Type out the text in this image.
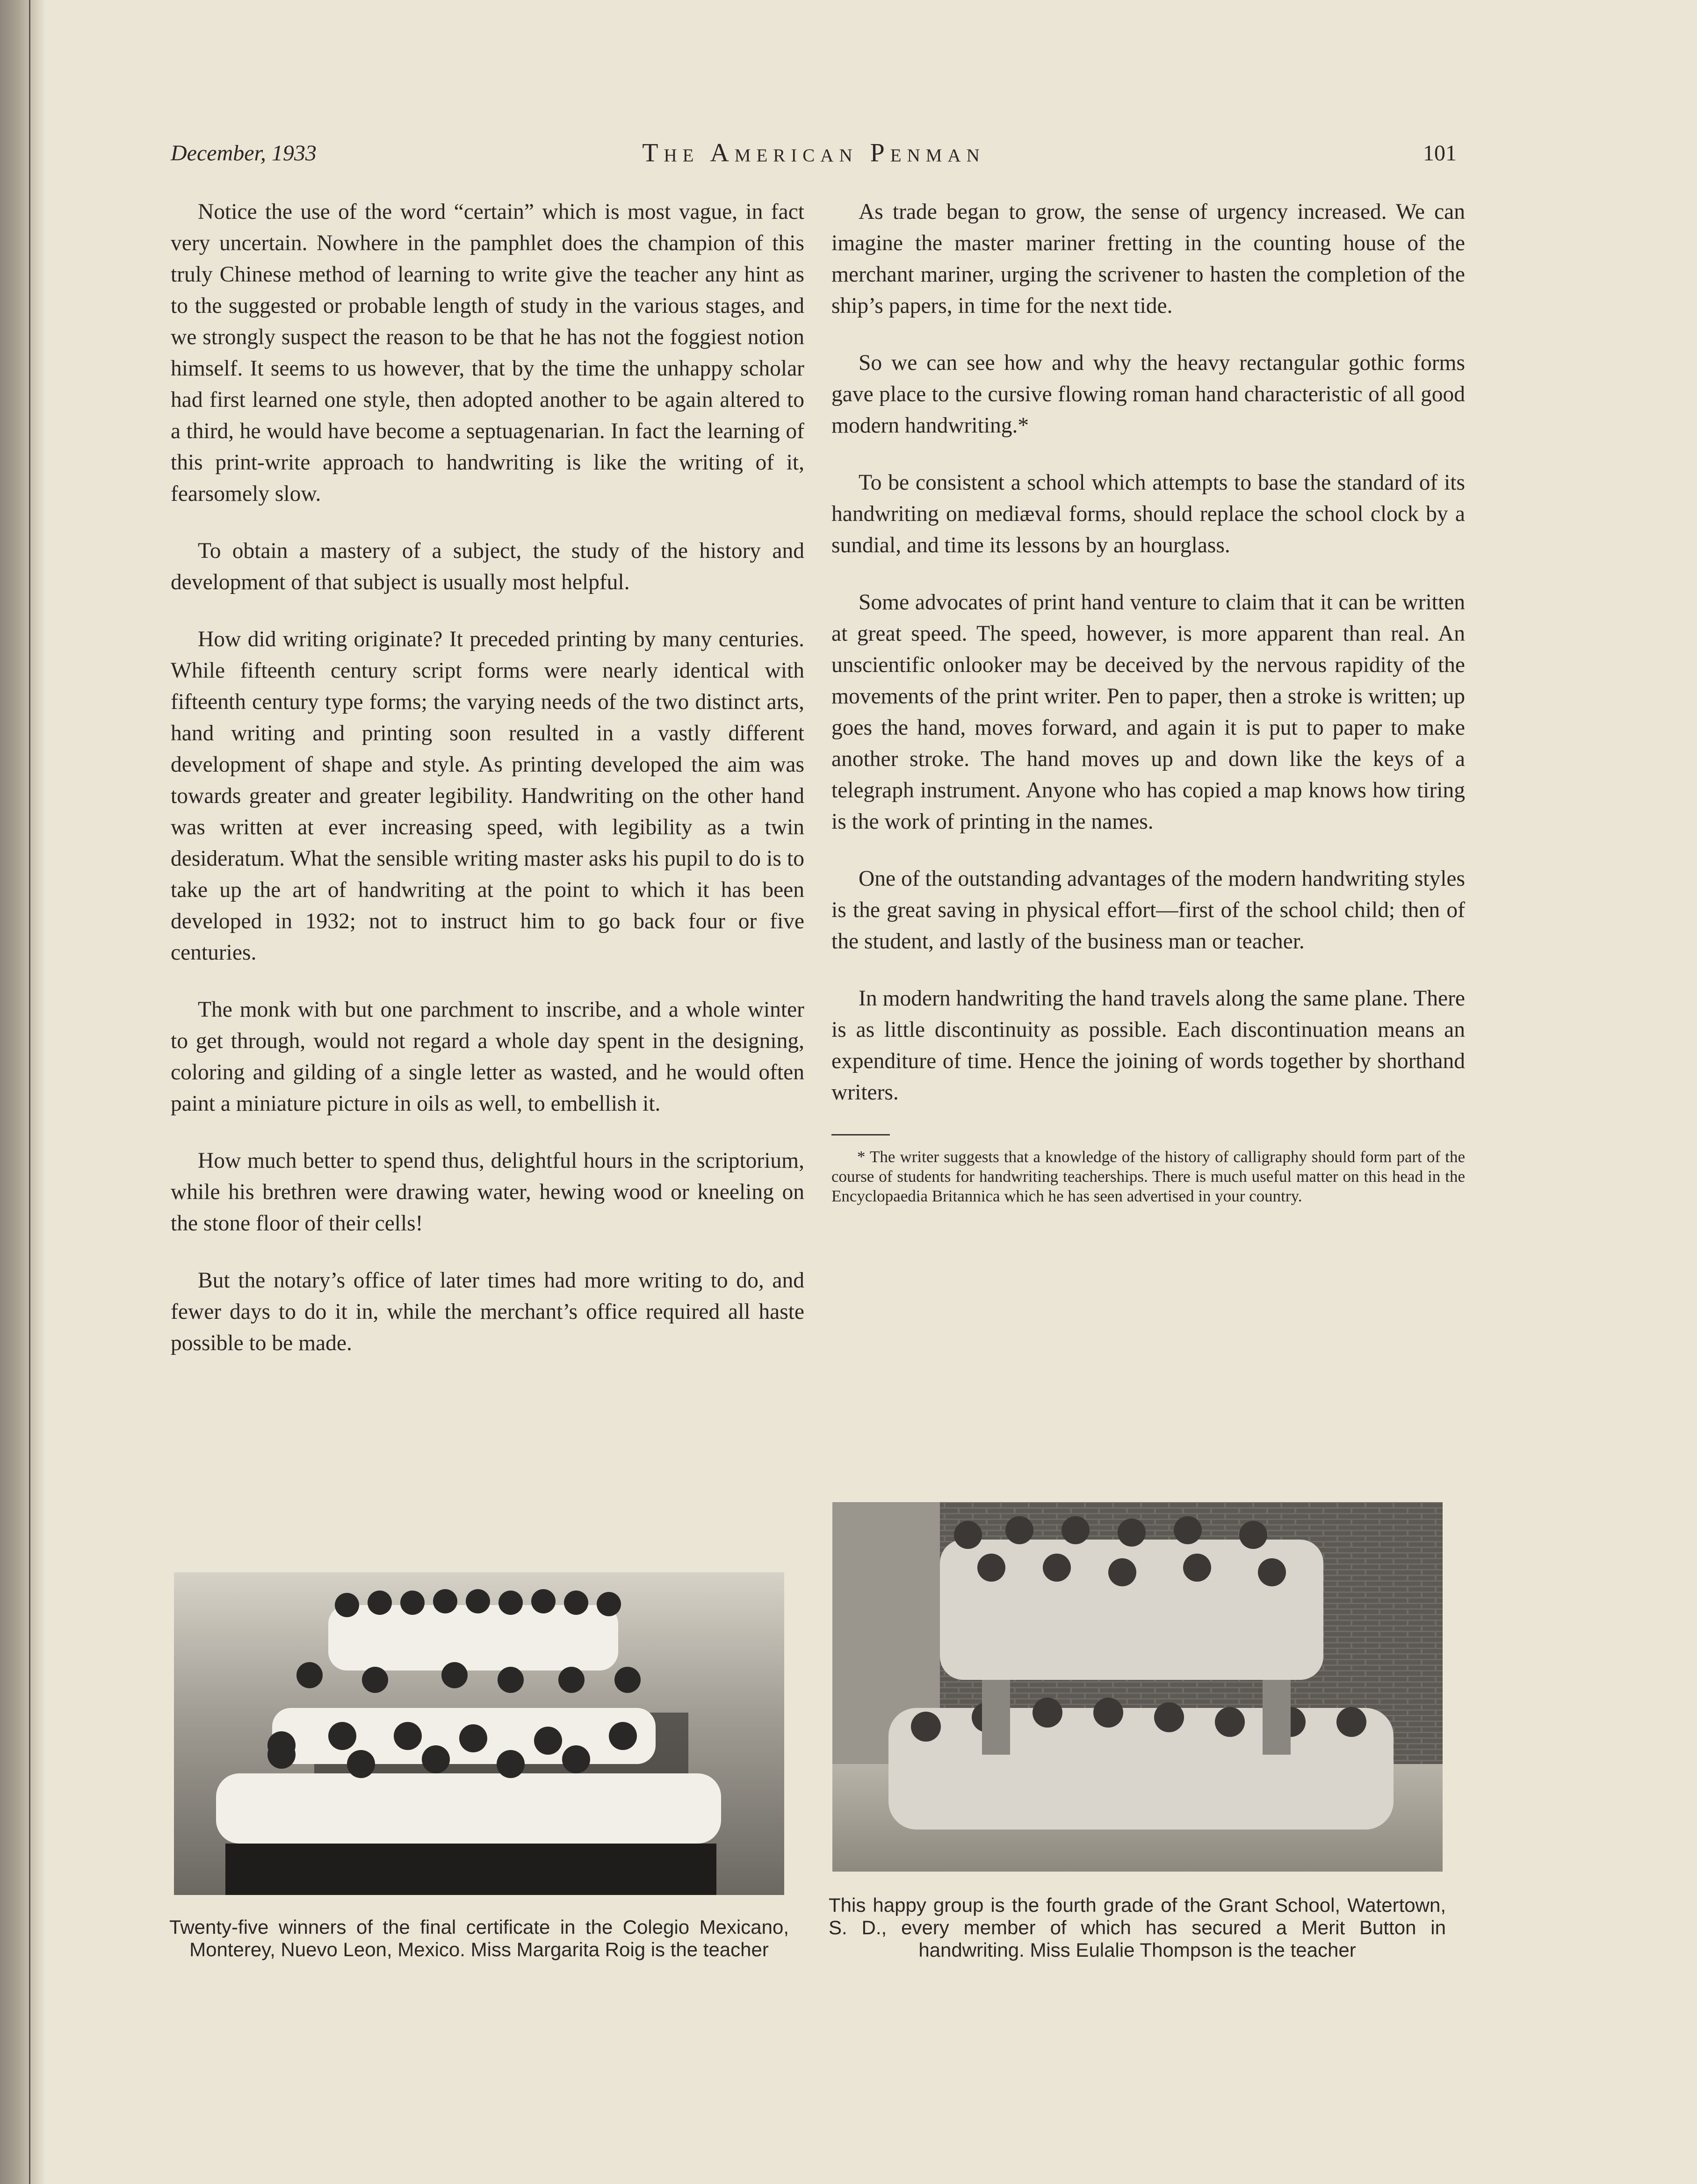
December, 1933	The American Penman	101

Notice the use of the word “certain” which is most vague, in fact very uncertain. Nowhere in the pamphlet does the champion of this truly Chinese method of learning to write give the teacher any hint as to the suggested or probable length of study in the various stages, and we strongly suspect the reason to be that he has not the foggiest notion himself. It seems to us however, that by the time the unhappy scholar had first learned one style, then adopted another to be again altered to a third, he would have become a septuagenarian. In fact the learning of this print-write approach to handwriting is like the writing of it, fearsomely slow.

To obtain a mastery of a subject, the study of the history and development of that subject is usually most helpful.

How did writing originate? It preceded printing by many centuries. While fifteenth century script forms were nearly identical with fifteenth century type forms; the varying needs of the two distinct arts, hand writing and printing soon resulted in a vastly different development of shape and style. As printing developed the aim was towards greater and greater legibility. Handwriting on the other hand was written at ever increasing speed, with legibility as a twin desideratum. What the sensible writing master asks his pupil to do is to take up the art of handwriting at the point to which it has been developed in 1932; not to instruct him to go back four or five centuries.

The monk with but one parchment to inscribe, and a whole winter to get through, would not regard a whole day spent in the designing, coloring and gilding of a single letter as wasted, and he would often paint a miniature picture in oils as well, to embellish it.

How much better to spend thus, delightful hours in the scriptorium, while his brethren were drawing water, hewing wood or kneeling on the stone floor of their cells!

But the notary’s office of later times had more writing to do, and fewer days to do it in, while the merchant’s office required all haste possible to be made.

As trade began to grow, the sense of urgency increased. We can imagine the master mariner fretting in the counting house of the merchant mariner, urging the scrivener to hasten the completion of the ship’s papers, in time for the next tide.

So we can see how and why the heavy rectangular gothic forms gave place to the cursive flowing roman hand characteristic of all good modern handwriting.*

To be consistent a school which attempts to base the standard of its handwriting on mediæval forms, should replace the school clock by a sundial, and time its lessons by an hourglass.

Some advocates of print hand venture to claim that it can be written at great speed. The speed, however, is more apparent than real. An unscientific onlooker may be deceived by the nervous rapidity of the movements of the print writer. Pen to paper, then a stroke is written; up goes the hand, moves forward, and again it is put to paper to make another stroke. The hand moves up and down like the keys of a telegraph instrument. Anyone who has copied a map knows how tiring is the work of printing in the names.

One of the outstanding advantages of the modern handwriting styles is the great saving in physical effort—first of the school child; then of the student, and lastly of the business man or teacher.

In modern handwriting the hand travels along the same plane. There is as little discontinuity as possible. Each discontinuation means an expenditure of time. Hence the joining of words together by shorthand writers.

* The writer suggests that a knowledge of the history of calligraphy should form part of the course of students for handwriting teacherships. There is much useful matter on this head in the Encyclopaedia Britannica which he has seen advertised in your country.
Twenty-five winners of the final certificate in the Colegio Mexicano, Monterey, Nuevo Leon, Mexico. Miss Margarita Roig is the teacher
This happy group is the fourth grade of the Grant School, Watertown, S. D., every member of which has secured a Merit Button in handwriting. Miss Eulalie Thompson is the teacher
